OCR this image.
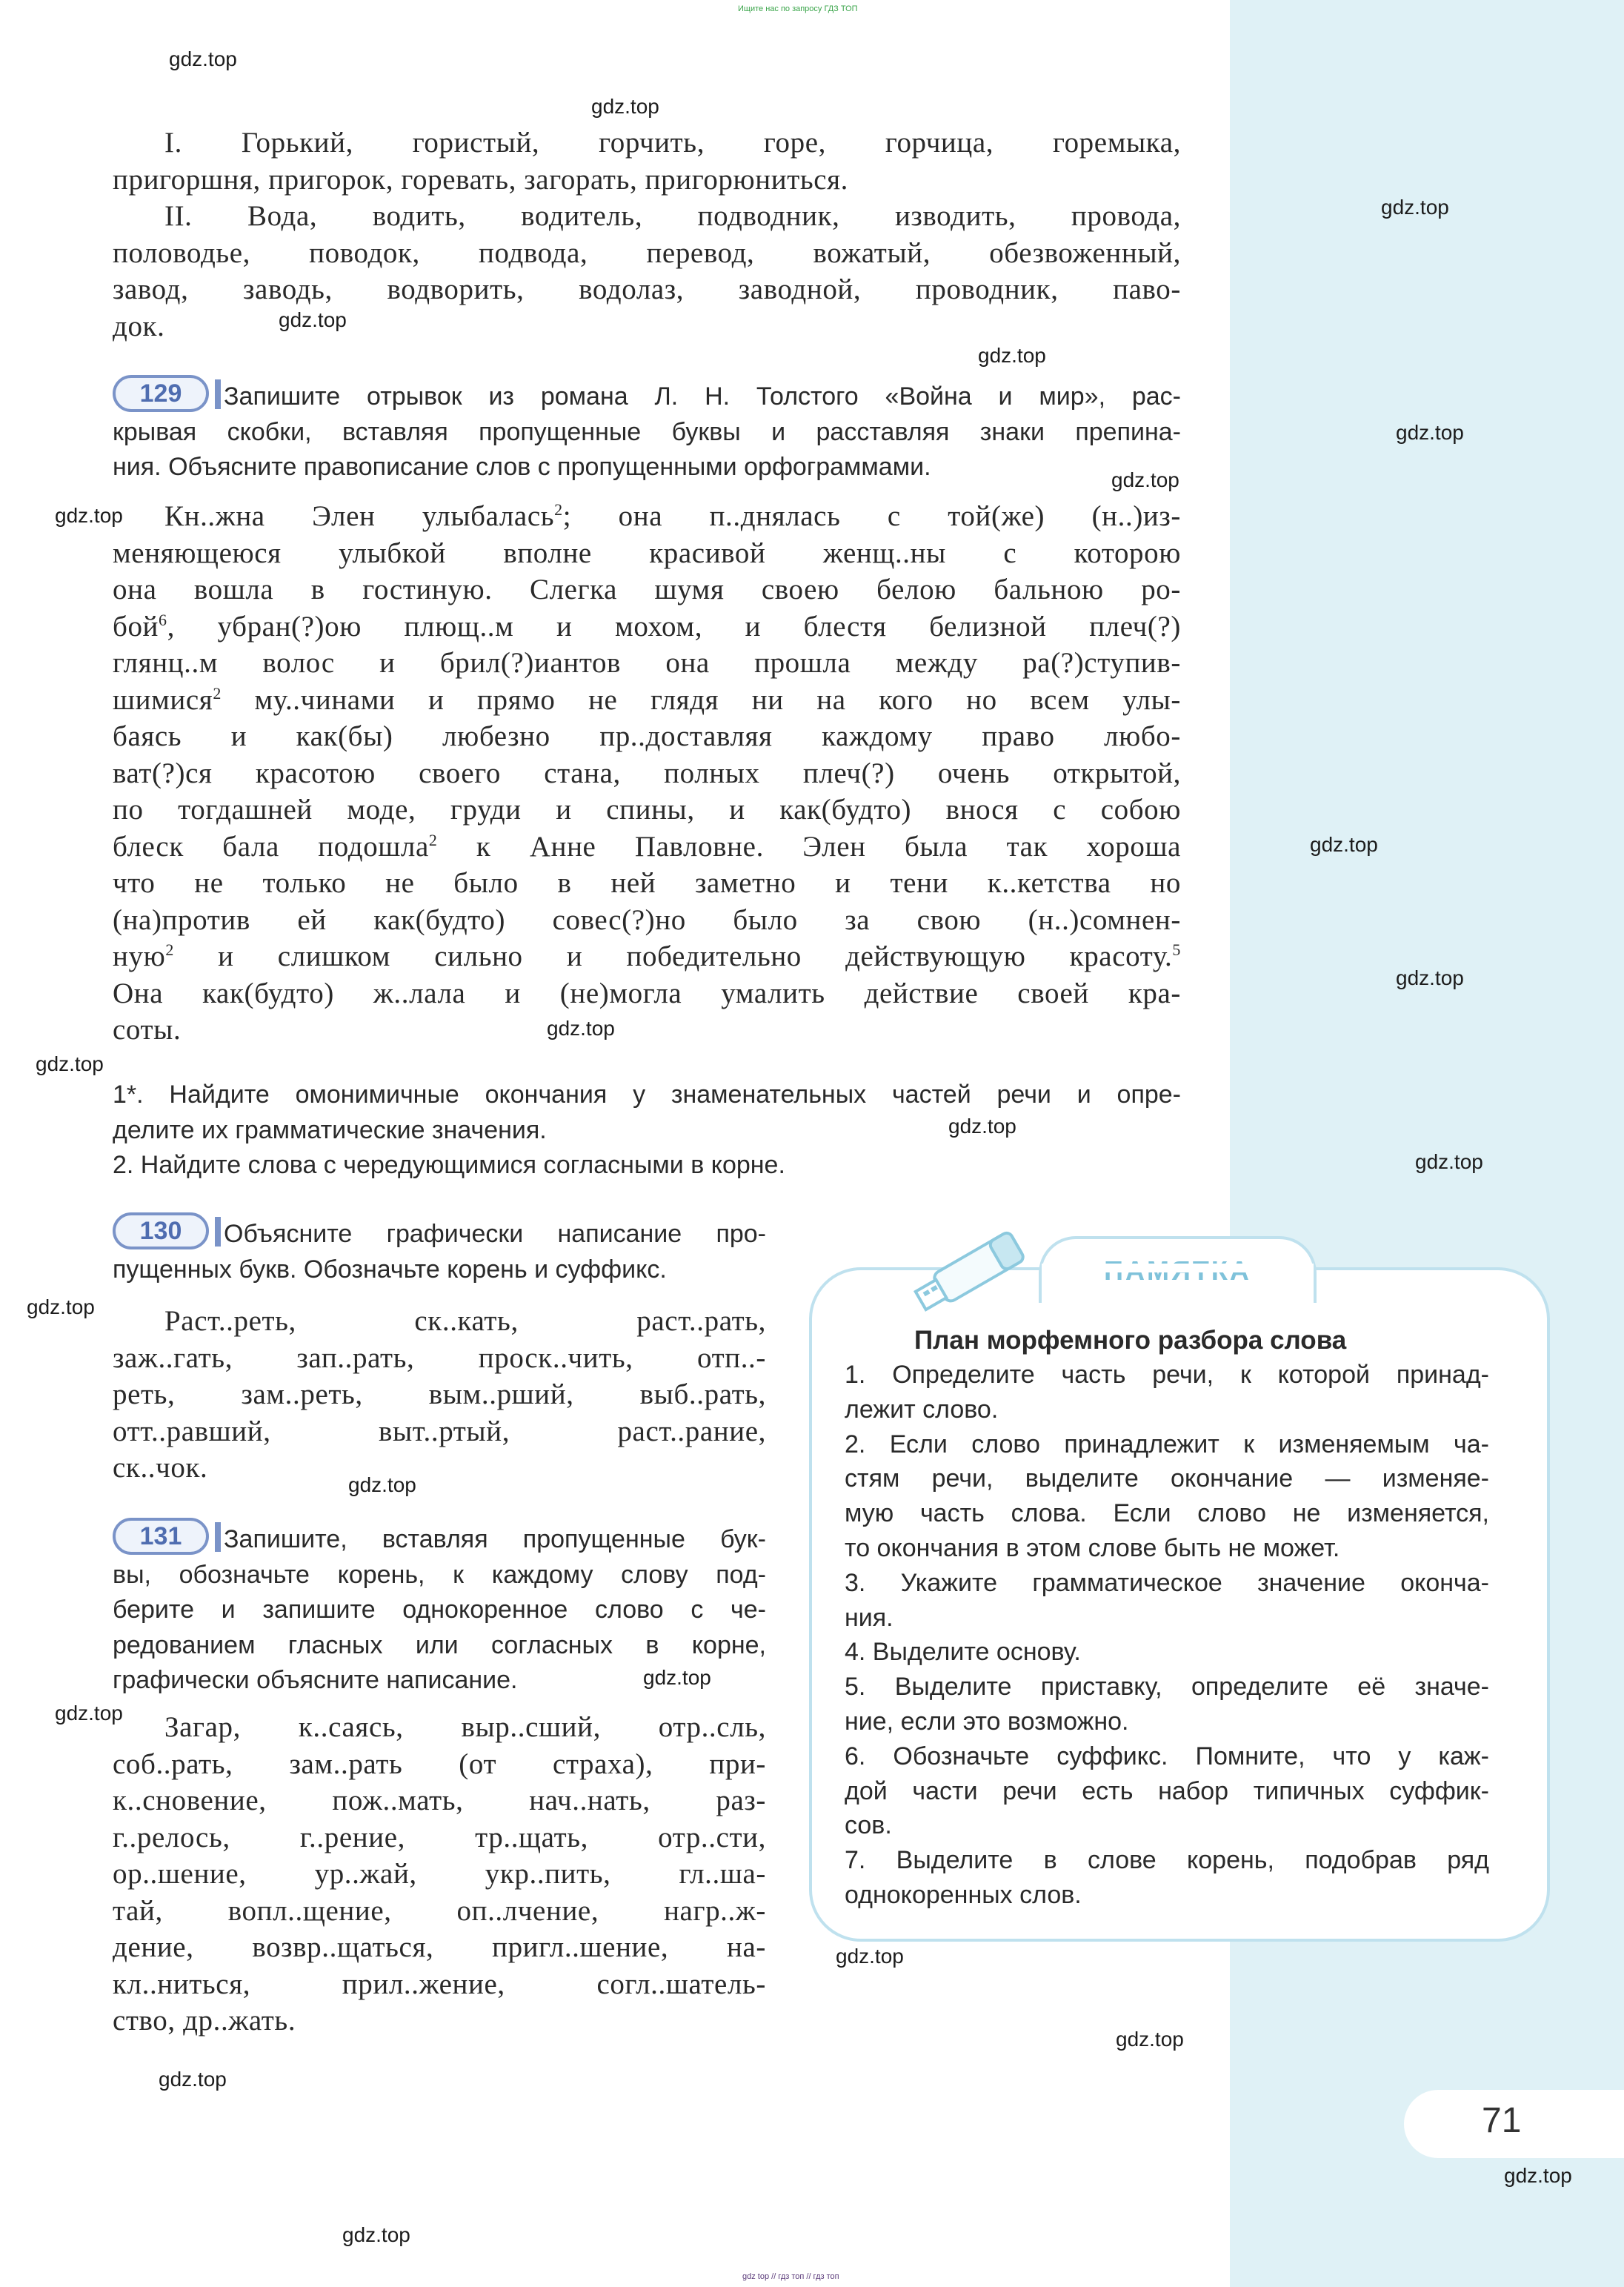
Ищите нас по запросу ГДЗ ТОП
gdz.top
gdz.top
gdz.top
gdz.top
gdz.top
gdz.top
gdz.top
gdz.top
gdz.top
gdz.top
gdz.top
gdz.top
gdz.top
gdz.top
gdz.top
gdz.top
gdz.top
gdz.top
gdz.top
gdz.top
gdz.top
gdz.top
gdz.top
I. Горький, гористый, горчить, горе, горчица, горемыка,
пригоршня, пригорок, горевать, загорать, пригорюниться.
II. Вода, водить, водитель, подводник, изводить, провода,
половодье, поводок, подвода, перевод, вожатый, обезвоженный,
завод, заводь, водворить, водолаз, заводной, проводник, паво-
док.
129	Запишите отрывок из романа Л. Н. Толстого «Война и мир», рас-
крывая скобки, вставляя пропущенные буквы и расставляя знаки препина-
ния. Объясните правописание слов с пропущенными орфограммами.
Кн..жна Элен улыбалась$^2$; она п..днялась с той(же) (н..)из-
меняющеюся улыбкой вполне красивой женщ..ны с которою
она вошла в гостиную. Слегка шумя своею белою бальною ро-
бой$^6$, убран(?)ою плющ..м и мохом, и блестя белизной плеч(?)
глянц..м волос и брил(?)иантов она прошла между ра(?)ступив-
шимися$^2$ му..чинами и прямо не глядя ни на кого но всем улы-
баясь и как(бы) любезно пр..доставляя каждому право любо-
ват(?)ся красотою своего стана, полных плеч(?) очень открытой,
по тогдашней моде, груди и спины, и как(будто) внося с собою
блеск бала подошла$^2$ к Анне Павловне. Элен была так хороша
что не только не было в ней заметно и тени к..кетства но
(на)против ей как(будто) совес(?)но было за свою (н..)сомнен-
ную$^2$ и слишком сильно и победительно действующую красоту.$^5$
Она как(будто) ж..лала и (не)могла умалить действие своей кра-
соты.
1*. Найдите омонимичные окончания у знаменательных частей речи и опре-
делите их грамматические значения.
2. Найдите слова с чередующимися согласными в корне.
130	Объясните графически написание про-
пущенных букв. Обозначьте корень и суффикс.
Раст..реть, ск..кать, раст..рать,
заж..гать, зап..рать, проск..чить, отп..-
реть, зам..реть, вым..рший, выб..рать,
отт..равший, выт..ртый, раст..рание,
ск..чок.
131	Запишите, вставляя пропущенные бук-
вы, обозначьте корень, к каждому слову под-
берите и запишите однокоренное слово с че-
редованием гласных или согласных в корне,
графически объясните написание.
Загар, к..саясь, выр..сший, отр..сль,
соб..рать, зам..рать (от страха), при-
к..сновение, пож..мать, нач..нать, раз-
г..релось, г..рение, тр..щать, отр..сти,
ор..шение, ур..жай, укр..пить, гл..ша-
тай, вопл..щение, оп..лчение, нагр..ж-
дение, возвр..щаться, пригл..шение, на-
кл..ниться, прил..жение, согл..шатель-
ство, др..жать.
План морфемного разбора слова
1. Определите часть речи, к которой принад-
лежит слово.
2. Если слово принадлежит к изменяемым ча-
стям речи, выделите окончание — изменяе-
мую часть слова. Если слово не изменяется,
то окончания в этом слове быть не может.
3. Укажите грамматическое значение оконча-
ния.
4. Выделите основу.
5. Выделите приставку, определите её значе-
ние, если это возможно.
6. Обозначьте суффикс. Помните, что у каж-
дой части речи есть набор типичных суффик-
сов.
7. Выделите в слове корень, подобрав ряд
однокоренных слов.
71
gdz top // гдз топ // гдз топ
